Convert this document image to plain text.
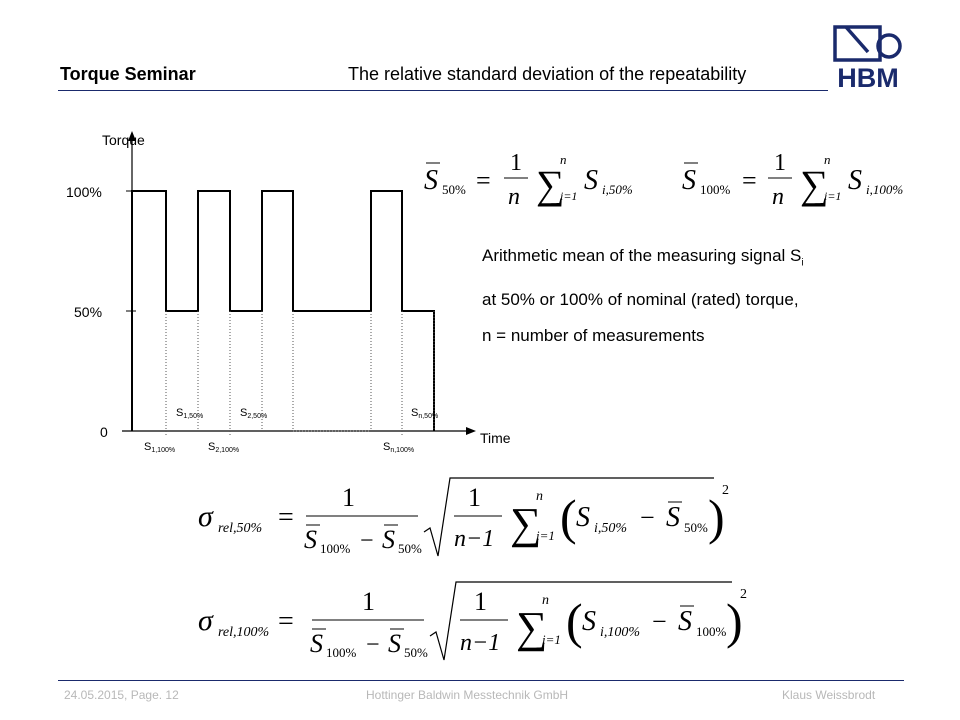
Torque Seminar	The relative standard deviation of the repeatability	HBM
Torque
Time
100%
50%
0
S1,50%	S2,50%	Sn,50%
S1,100%	S2,100%	Sn,100%
S 50% =
1
n ∑
n
i=1 S i,50% S 100% =
1
n ∑
n
i=1 S i,100%
Arithmetic mean of the measuring signal $S_i$
at 50% or 100% of nominal (rated) torque,
n = number of measurements
σ rel,50% =
1
S 100% − S 50%
1
n−1 ∑
n
i=1 ( S i,50% − S 50% )
2
σ rel,100% =
1
S 100% − S 50%
1
n−1 ∑
n
i=1 ( S i,100% − S 100% )
2
24.05.2015, Page. 12	Hottinger Baldwin Messtechnik GmbH	Klaus Weissbrodt
